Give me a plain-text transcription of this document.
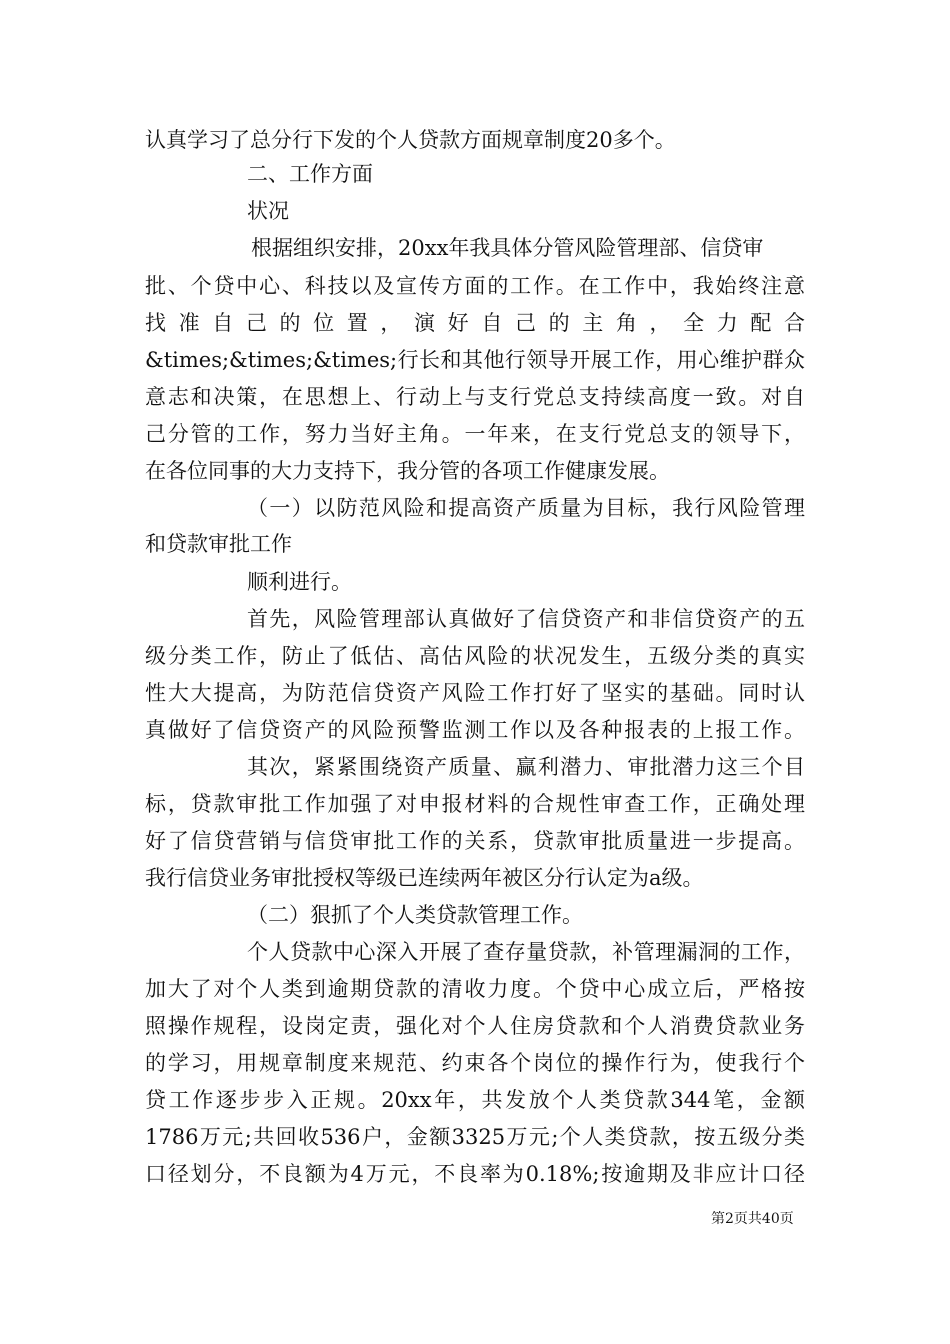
认真学习了总分行下发的个人贷款方面规章制度20多个。
二、工作方面
状况
根据组织安排，20xx年我具体分管风险管理部、信贷审
批、个贷中心、科技以及宣传方面的工作。在工作中，我始终注意
找准自己的位置，演好自己的主角，全力配合
&times;&times;&times;行长和其他行领导开展工作，用心维护群众
意志和决策，在思想上、行动上与支行党总支持续高度一致。对自
己分管的工作，努力当好主角。一年来，在支行党总支的领导下，
在各位同事的大力支持下，我分管的各项工作健康发展。
（一）以防范风险和提高资产质量为目标，我行风险管理
和贷款审批工作
顺利进行。
首先，风险管理部认真做好了信贷资产和非信贷资产的五
级分类工作，防止了低估、高估风险的状况发生，五级分类的真实
性大大提高，为防范信贷资产风险工作打好了坚实的基础。同时认
真做好了信贷资产的风险预警监测工作以及各种报表的上报工作。
其次，紧紧围绕资产质量、赢利潜力、审批潜力这三个目
标，贷款审批工作加强了对申报材料的合规性审查工作，正确处理
好了信贷营销与信贷审批工作的关系，贷款审批质量进一步提高。
我行信贷业务审批授权等级已连续两年被区分行认定为a级。
（二）狠抓了个人类贷款管理工作。
个人贷款中心深入开展了查存量贷款，补管理漏洞的工作，
加大了对个人类到逾期贷款的清收力度。个贷中心成立后，严格按
照操作规程，设岗定责，强化对个人住房贷款和个人消费贷款业务
的学习，用规章制度来规范、约束各个岗位的操作行为，使我行个
贷工作逐步步入正规。20xx年，共发放个人类贷款344笔，金额
1786万元;共回收536户，金额3325万元;个人类贷款，按五级分类
口径划分，不良额为4万元，不良率为0.18%;按逾期及非应计口径
第2页共40页
